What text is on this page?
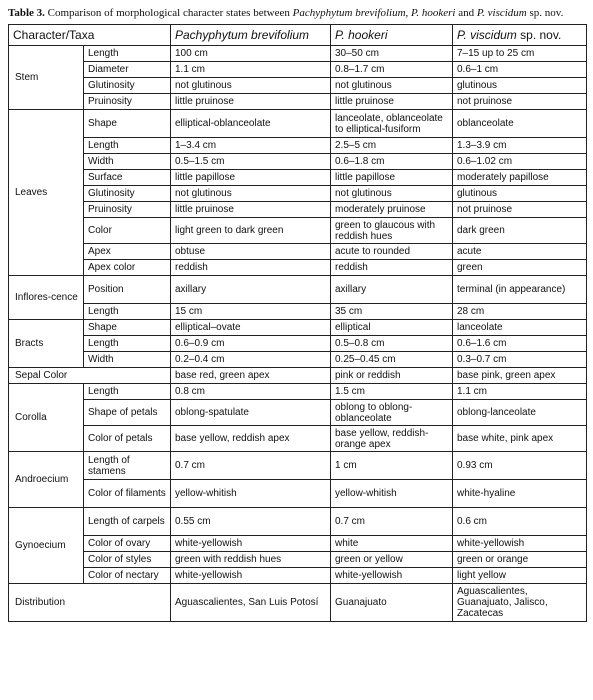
Table 3. Comparison of morphological character states between Pachyphytum brevifolium, P. hookeri and P. viscidum sp. nov.
Character/Taxa		Pachyphytum brevifolium	P. hookeri	P. viscidum sp. nov.
Stem	Length	100 cm	30–50 cm	7–15 up to 25 cm
	Diameter	1.1 cm	0.8–1.7 cm	0.6–1 cm
	Glutinosity	not glutinous	not glutinous	glutinous
	Pruinosity	little pruinose	little pruinose	not pruinose
Leaves	Shape	elliptical-oblanceolate	lanceolate, oblanceolate to elliptical-fusiform	oblanceolate
	Length	1–3.4 cm	2.5–5 cm	1.3–3.9 cm
	Width	0.5–1.5 cm	0.6–1.8 cm	0.6–1.02 cm
	Surface	little papillose	little papillose	moderately papillose
	Glutinosity	not glutinous	not glutinous	glutinous
	Pruinosity	little pruinose	moderately pruinose	not pruinose
	Color	light green to dark green	green to glaucous with reddish hues	dark green
	Apex	obtuse	acute to rounded	acute
	Apex color	reddish	reddish	green
Inflores-cence	Position	axillary	axillary	terminal (in appearance)
	Length	15 cm	35 cm	28 cm
Bracts	Shape	elliptical–ovate	elliptical	lanceolate
	Length	0.6–0.9 cm	0.5–0.8 cm	0.6–1.6 cm
	Width	0.2–0.4 cm	0.25–0.45 cm	0.3–0.7 cm
Sepal Color		base red, green apex	pink or reddish	base pink, green apex
Corolla	Length	0.8 cm	1.5 cm	1.1 cm
	Shape of petals	oblong-spatulate	oblong to oblong-oblanceolate	oblong-lanceolate
	Color of petals	base yellow, reddish apex	base yellow, reddish-orange apex	base white, pink apex
Androecium	Length of stamens	0.7 cm	1 cm	0.93 cm
	Color of filaments	yellow-whitish	yellow-whitish	white-hyaline
Gynoecium	Length of carpels	0.55 cm	0.7 cm	0.6 cm
	Color of ovary	white-yellowish	white	white-yellowish
	Color of styles	green with reddish hues	green or yellow	green or orange
	Color of nectary	white-yellowish	white-yellowish	light yellow
Distribution		Aguascalientes, San Luis Potosí	Guanajuato	Aguascalientes, Guanajuato, Jalisco, Zacatecas
